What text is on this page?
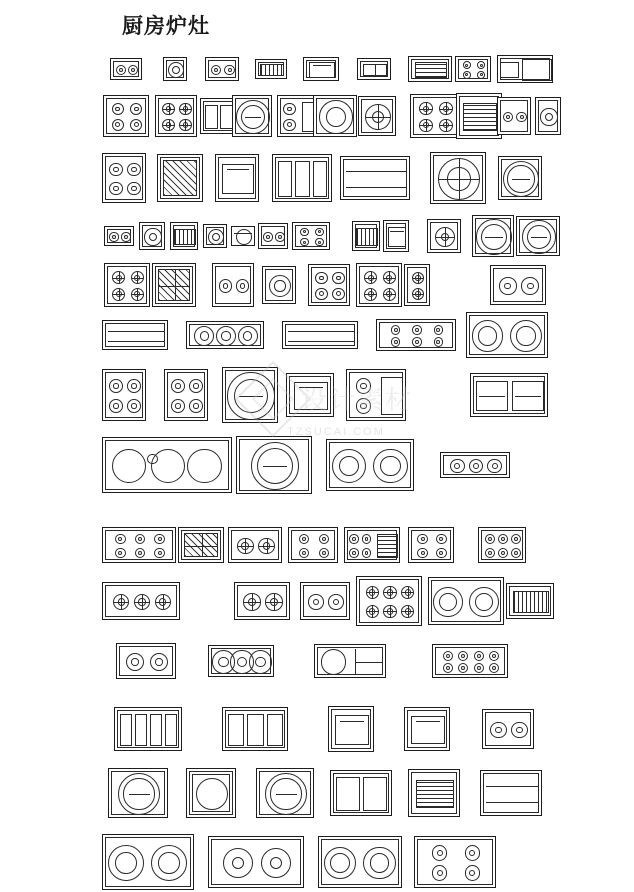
厨房炉灶
设计素材
TZSUCAI.COM
